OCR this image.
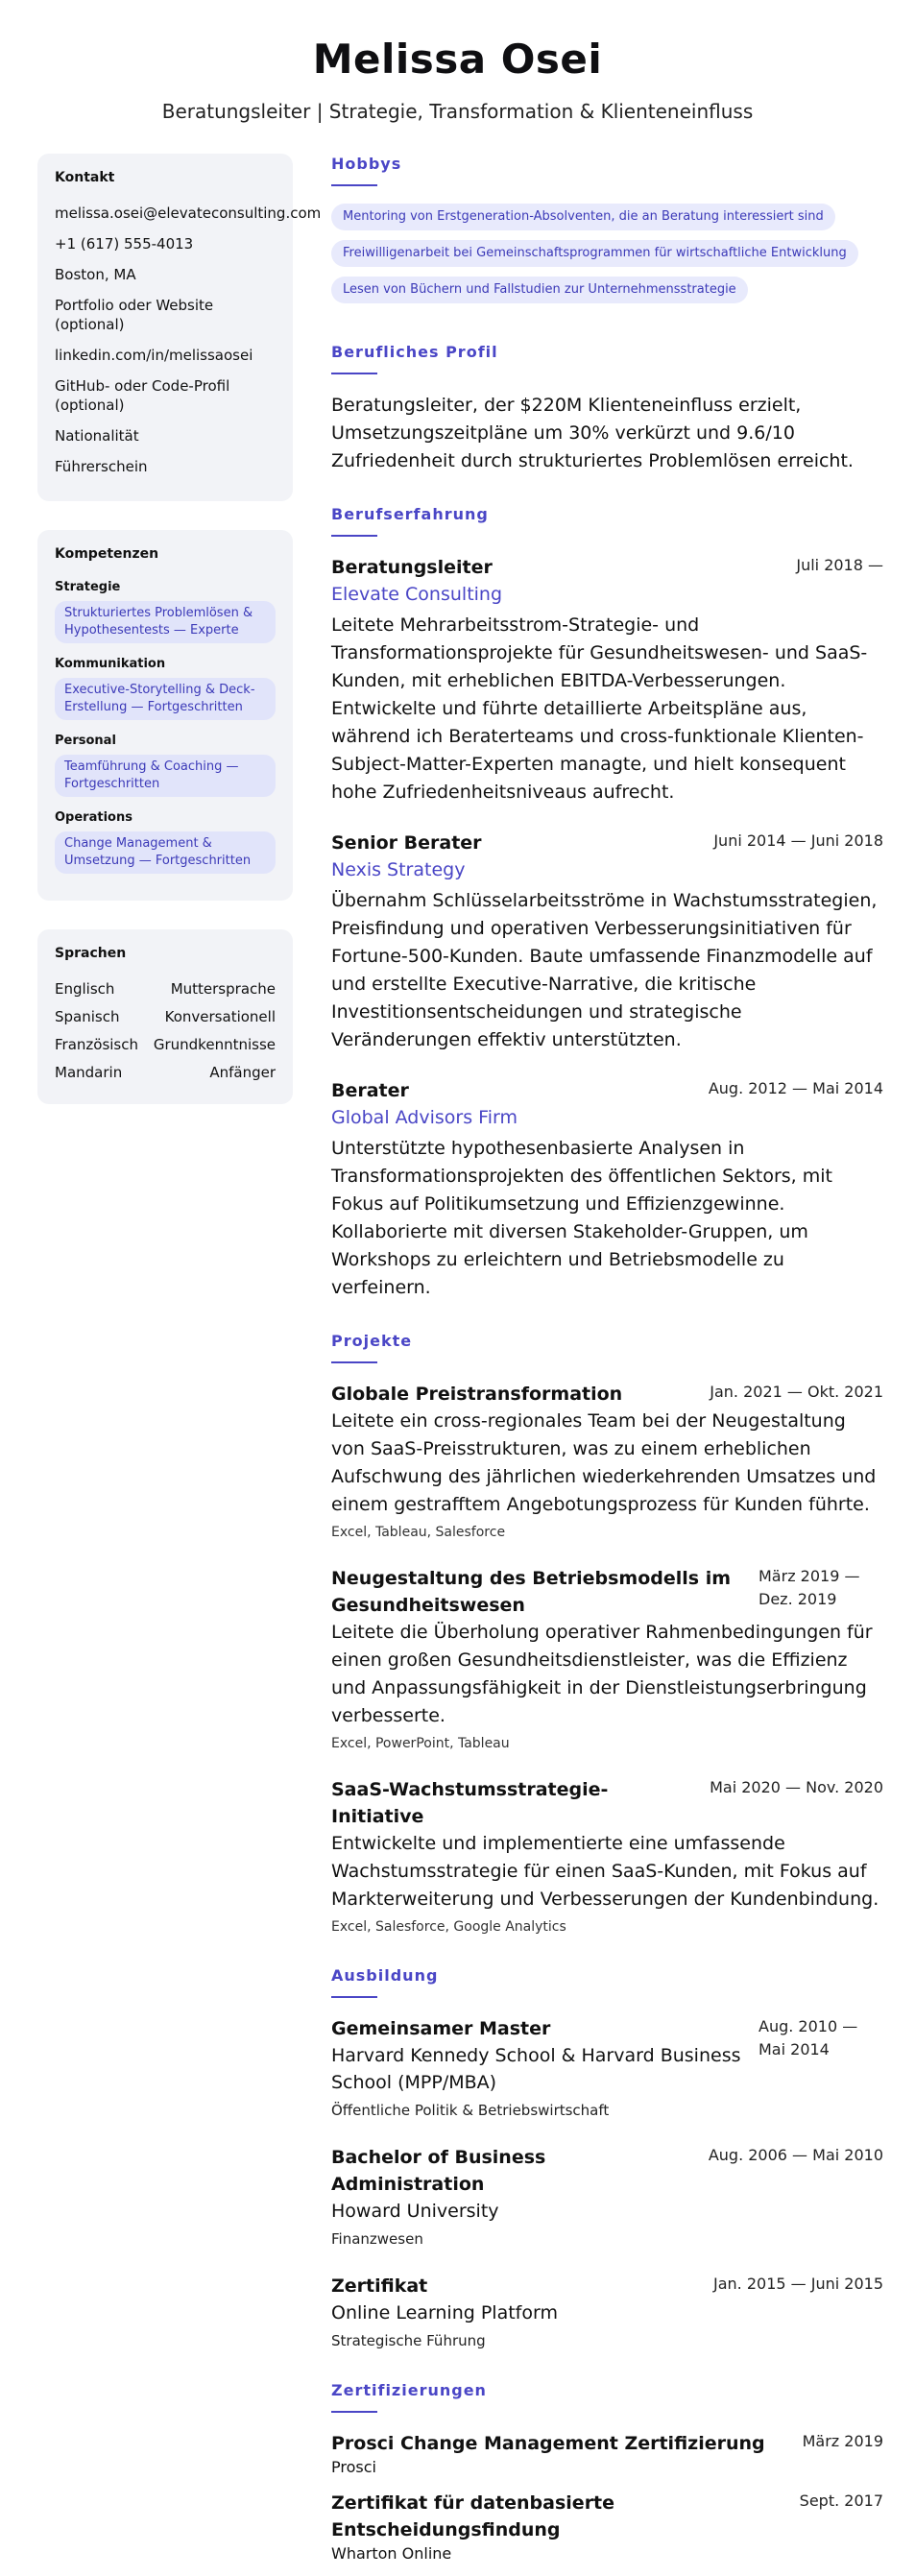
Melissa Osei
Beratungsleiter | Strategie, Transformation & Klienteneinfluss
Kontakt
melissa.osei@elevateconsulting.com
+1 (617) 555-4013
Boston, MA
Portfolio oder Website (optional)
linkedin.com/in/melissaosei
GitHub- oder Code-Profil (optional)
Nationalität
Führerschein
Kompetenzen
Strategie
Strukturiertes Problemlösen & Hypothesentests — Experte
Kommunikation
Executive-Storytelling & Deck-Erstellung — Fortgeschritten
Personal
Teamführung & Coaching — Fortgeschritten
Operations
Change Management & Umsetzung — Fortgeschritten
Sprachen
Englisch	Muttersprache
Spanisch	Konversationell
Französisch Grundkenntnisse
Mandarin	Anfänger
Hobbys
Mentoring von Erstgeneration-Absolventen, die an Beratung interessiert sind
Freiwilligenarbeit bei Gemeinschaftsprogrammen für wirtschaftliche Entwicklung
Lesen von Büchern und Fallstudien zur Unternehmensstrategie
Berufliches Profil
Beratungsleiter, der $220M Klienteneinfluss erzielt, Umsetzungszeitpläne um 30% verkürzt und 9.6/10 Zufriedenheit durch strukturiertes Problemlösen erreicht.
Berufserfahrung
Beratungsleiter	Juli 2018 —
Elevate Consulting
Leitete Mehrarbeitsstrom-Strategie- und Transformationsprojekte für Gesundheitswesen- und SaaS-Kunden, mit erheblichen EBITDA-Verbesserungen. Entwickelte und führte detaillierte Arbeitspläne aus, während ich Beraterteams und cross-funktionale Klienten-Subject-Matter-Experten managte, und hielt konsequent hohe Zufriedenheitsniveaus aufrecht.
Senior Berater	Juni 2014 — Juni 2018
Nexis Strategy
Übernahm Schlüsselarbeitsströme in Wachstumsstrategien, Preisfindung und operativen Verbesserungsinitiativen für Fortune-500-Kunden. Baute umfassende Finanzmodelle auf und erstellte Executive-Narrative, die kritische Investitionsentscheidungen und strategische Veränderungen effektiv unterstützten.
Berater	Aug. 2012 — Mai 2014
Global Advisors Firm
Unterstützte hypothesenbasierte Analysen in Transformationsprojekten des öffentlichen Sektors, mit Fokus auf Politikumsetzung und Effizienzgewinne. Kollaborierte mit diversen Stakeholder-Gruppen, um Workshops zu erleichtern und Betriebsmodelle zu verfeinern.
Projekte
Globale Preistransformation	Jan. 2021 — Okt. 2021
Leitete ein cross-regionales Team bei der Neugestaltung von SaaS-Preisstrukturen, was zu einem erheblichen Aufschwung des jährlichen wiederkehrenden Umsatzes und einem gestrafftem Angebotungsprozess für Kunden führte.
Excel, Tableau, Salesforce
Neugestaltung des Betriebsmodells im Gesundheitswesen
März 2019 — Dez. 2019
Leitete die Überholung operativer Rahmenbedingungen für einen großen Gesundheitsdienstleister, was die Effizienz und Anpassungsfähigkeit in der Dienstleistungserbringung verbesserte.
Excel, PowerPoint, Tableau
SaaS-Wachstumsstrategie-Initiative
Mai 2020 — Nov. 2020
Entwickelte und implementierte eine umfassende Wachstumsstrategie für einen SaaS-Kunden, mit Fokus auf Markterweiterung und Verbesserungen der Kundenbindung.
Excel, Salesforce, Google Analytics
Ausbildung
Gemeinsamer Master
Harvard Kennedy School & Harvard Business School (MPP/MBA)
Aug. 2010 — Mai 2014
Öffentliche Politik & Betriebswirtschaft
Bachelor of Business Administration
Aug. 2006 — Mai 2010
Howard University
Finanzwesen
Zertifikat	Jan. 2015 — Juni 2015
Online Learning Platform
Strategische Führung
Zertifizierungen
Prosci Change Management Zertifizierung März 2019
Prosci
Zertifikat für datenbasierte Entscheidungsfindung
Sept. 2017
Wharton Online
